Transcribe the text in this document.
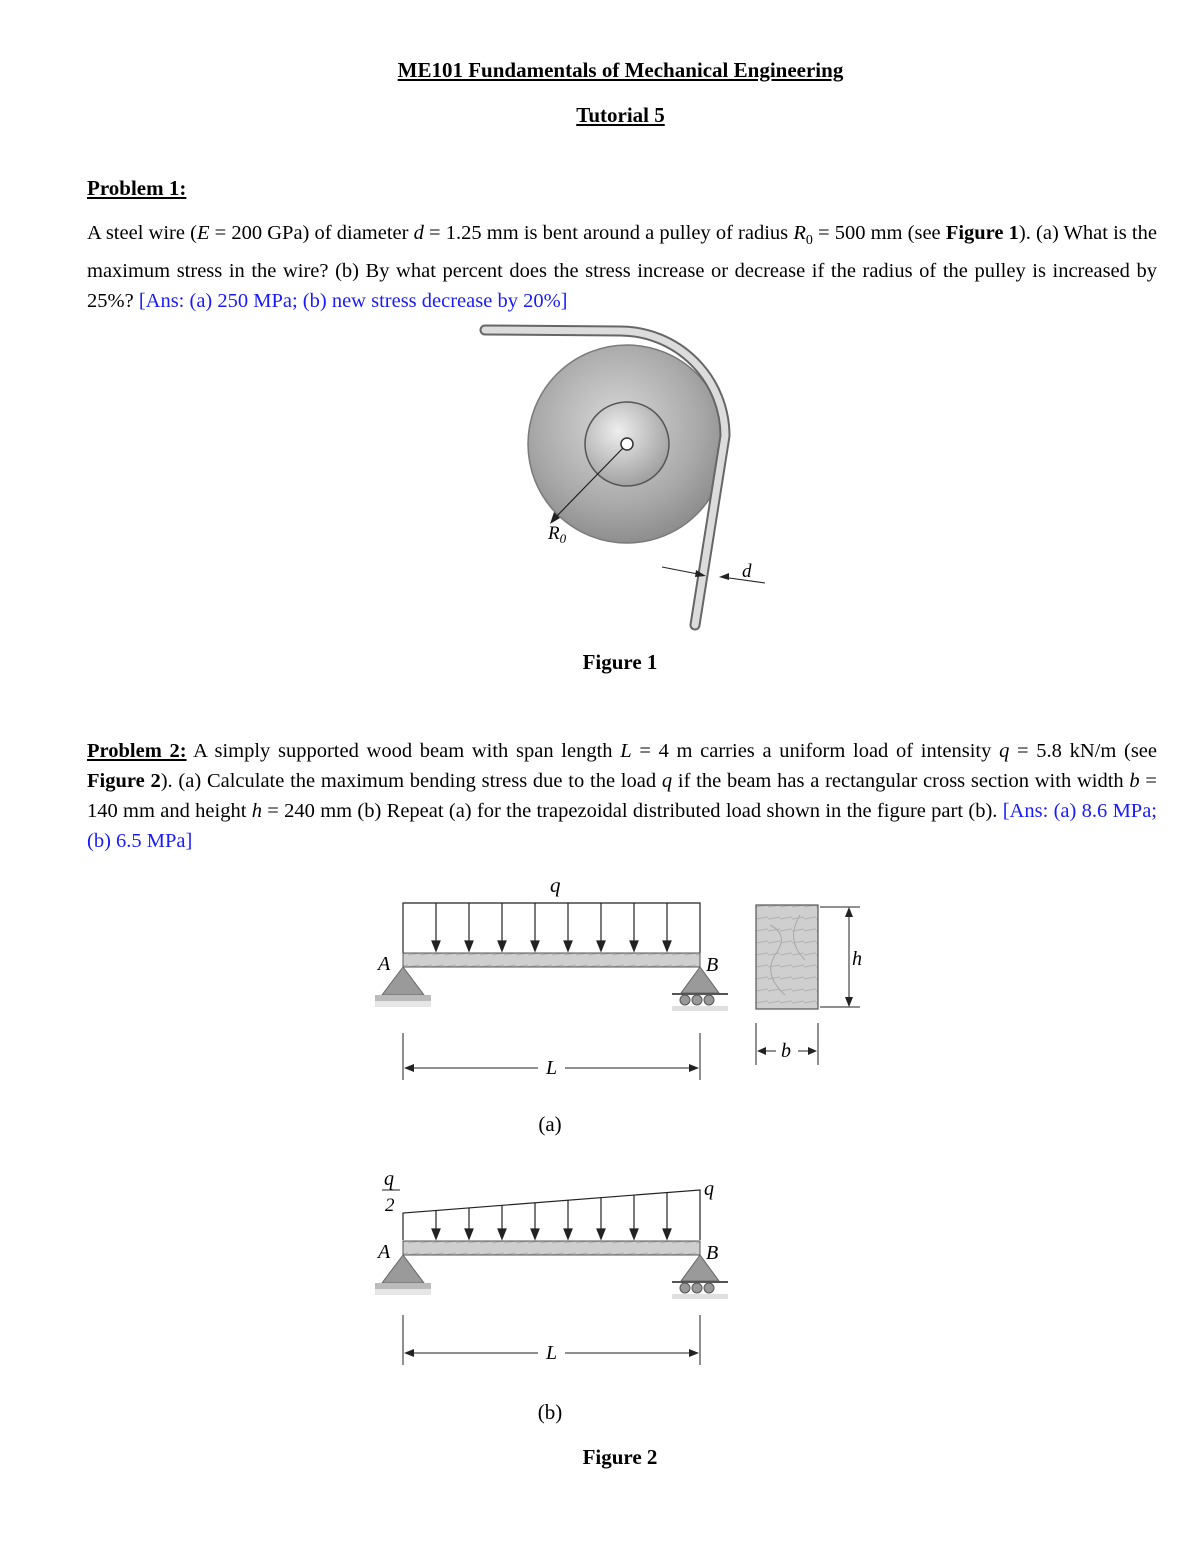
ME101 Fundamentals of Mechanical Engineering
Tutorial 5
Problem 1:
A steel wire (E = 200 GPa) of diameter d = 1.25 mm is bent around a pulley of radius $R_0 = 500$ mm (see Figure 1). (a) What is the maximum stress in the wire? (b) By what percent does the stress increase or decrease if the radius of the pulley is increased by 25%? [Ans: (a) 250 MPa; (b) new stress decrease by 20%]
$R_0$
d
Figure 1
Problem 2: A simply supported wood beam with span length L = 4 m carries a uniform load of intensity q = 5.8 kN/m (see Figure 2). (a) Calculate the maximum bending stress due to the load q if the beam has a rectangular cross section with width b = 140 mm and height h = 240 mm (b) Repeat (a) for the trapezoidal distributed load shown in the figure part (b). [Ans: (a) 8.6 MPa; (b) 6.5 MPa]
q
A	B
L
h
b
(a)
q
2
q
A	B
L
(b)
Figure 2
